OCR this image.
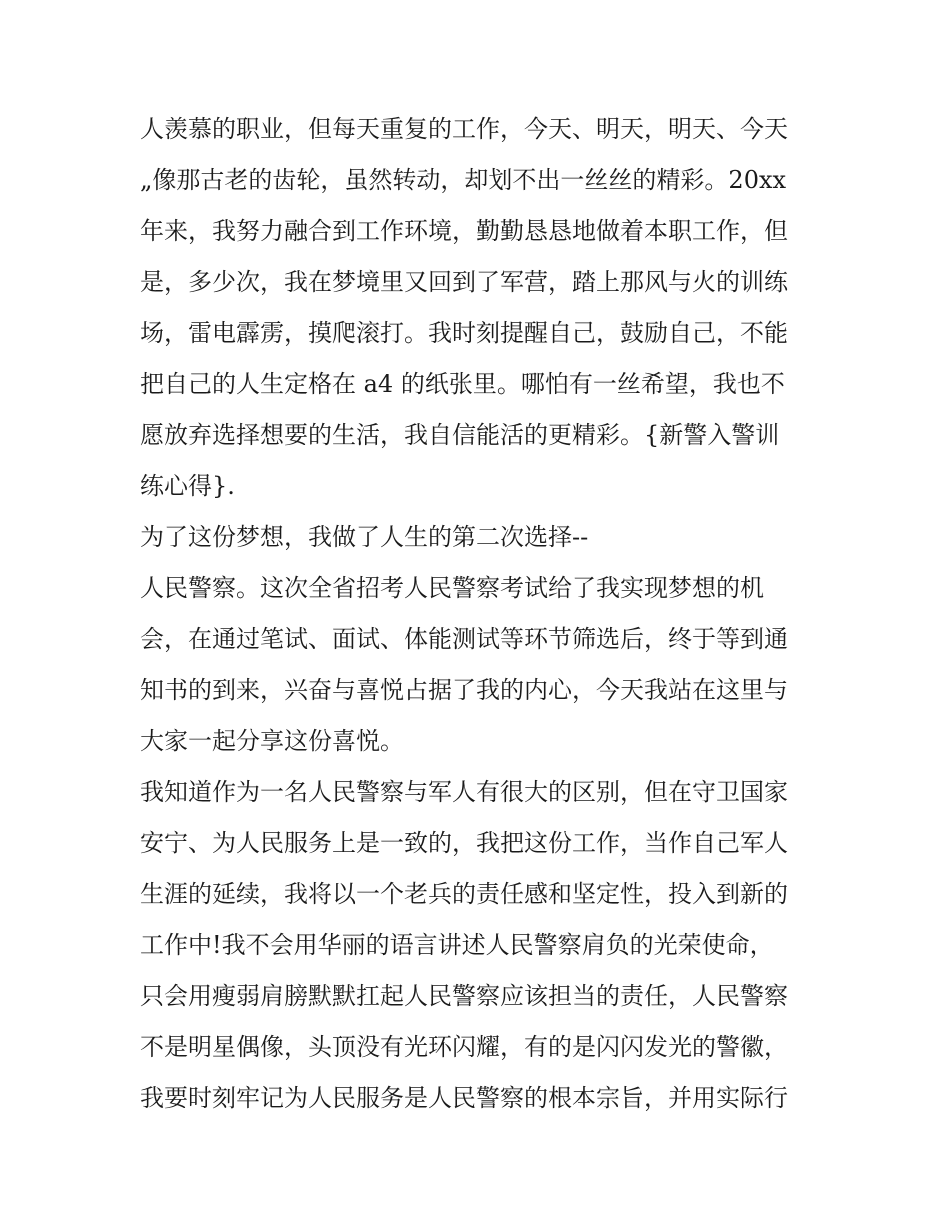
人羡慕的职业，但每天重复的工作，今天、明天，明天、今天
„像那古老的齿轮，虽然转动，却划不出一丝丝的精彩。20xx
年来，我努力融合到工作环境，勤勤恳恳地做着本职工作，但
是，多少次，我在梦境里又回到了军营，踏上那风与火的训练
场，雷电霹雳，摸爬滚打。我时刻提醒自己，鼓励自己，不能
把自己的人生定格在 a4 的纸张里。哪怕有一丝希望，我也不
愿放弃选择想要的生活，我自信能活的更精彩。{新警入警训
练心得}.
为了这份梦想，我做了人生的第二次选择--
人民警察。这次全省招考人民警察考试给了我实现梦想的机
会，在通过笔试、面试、体能测试等环节筛选后，终于等到通
知书的到来，兴奋与喜悦占据了我的内心，今天我站在这里与
大家一起分享这份喜悦。
我知道作为一名人民警察与军人有很大的区别，但在守卫国家
安宁、为人民服务上是一致的，我把这份工作，当作自己军人
生涯的延续，我将以一个老兵的责任感和坚定性，投入到新的
工作中!我不会用华丽的语言讲述人民警察肩负的光荣使命，
只会用瘦弱肩膀默默扛起人民警察应该担当的责任，人民警察
不是明星偶像，头顶没有光环闪耀，有的是闪闪发光的警徽，
我要时刻牢记为人民服务是人民警察的根本宗旨，并用实际行
